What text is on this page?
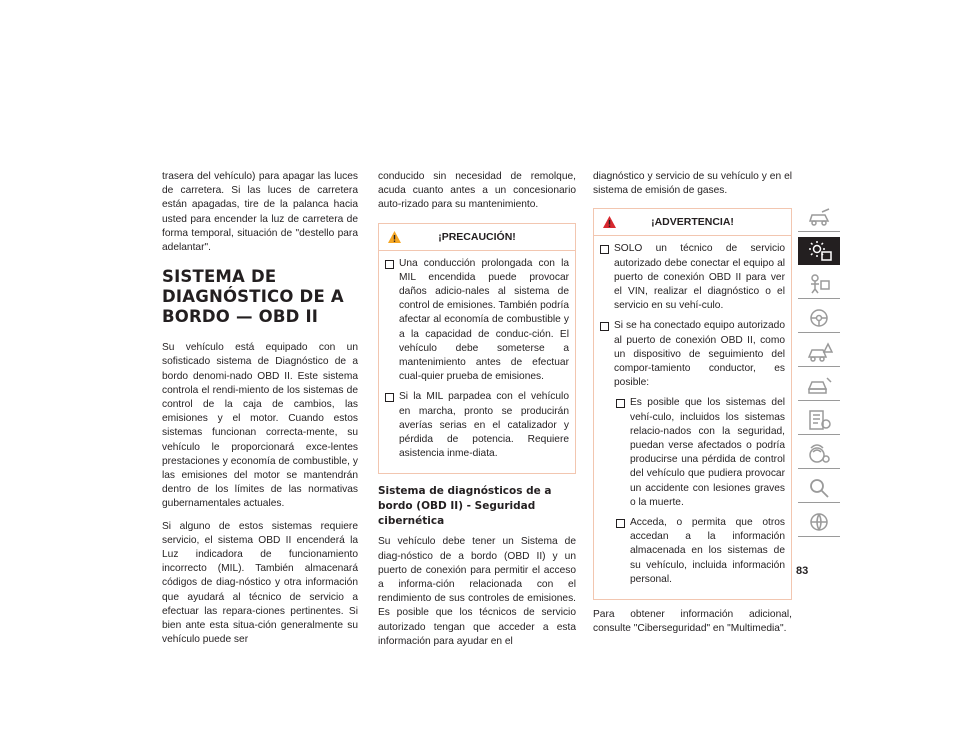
trasera del vehículo) para apagar las luces de carretera. Si las luces de carretera están apagadas, tire de la palanca hacia usted para encender la luz de carretera de forma temporal, situación de "destello para adelantar".

SISTEMA DE DIAGNÓSTICO DE A BORDO — OBD II

Su vehículo está equipado con un sofisticado sistema de Diagnóstico de a bordo denomi-nado OBD II. Este sistema controla el rendi-miento de los sistemas de control de la caja de cambios, las emisiones y el motor. Cuando estos sistemas funcionan correcta-mente, su vehículo le proporcionará exce-lentes prestaciones y economía de combustible, y las emisiones del motor se mantendrán dentro de los límites de las normativas gubernamentales actuales.

Si alguno de estos sistemas requiere servicio, el sistema OBD II encenderá la Luz indicadora de funcionamiento incorrecto (MIL). También almacenará códigos de diag-nóstico y otra información que ayudará al técnico de servicio a efectuar las repara-ciones pertinentes. Si bien ante esta situa-ción generalmente su vehículo puede ser

conducido sin necesidad de remolque, acuda cuanto antes a un concesionario auto-rizado para su mantenimiento.

¡PRECAUCIÓN!
Una conducción prolongada con la MIL encendida puede provocar daños adicio-nales al sistema de control de emisiones. También podría afectar al economía de combustible y a la capacidad de conduc-ción. El vehículo debe someterse a mantenimiento antes de efectuar cual-quier prueba de emisiones.
Si la MIL parpadea con el vehículo en marcha, pronto se producirán averías serias en el catalizador y pérdida de potencia. Requiere asistencia inme-diata.
Sistema de diagnósticos de a bordo (OBD II) - Seguridad cibernética

Su vehículo debe tener un Sistema de diag-nóstico de a bordo (OBD II) y un puerto de conexión para permitir el acceso a informa-ción relacionada con el rendimiento de sus controles de emisiones. Es posible que los técnicos de servicio autorizado tengan que acceder a esta información para ayudar en el

diagnóstico y servicio de su vehículo y en el sistema de emisión de gases.

¡ADVERTENCIA!
SOLO un técnico de servicio autorizado debe conectar el equipo al puerto de conexión OBD II para ver el VIN, realizar el diagnóstico o el servicio en su vehí-culo.
Si se ha conectado equipo autorizado al puerto de conexión OBD II, como un dispositivo de seguimiento del compor-tamiento conductor, es posible:
Es posible que los sistemas del vehí-culo, incluidos los sistemas relacio-nados con la seguridad, puedan verse afectados o podría producirse una pérdida de control del vehículo que pudiera provocar un accidente con lesiones graves o la muerte.
Acceda, o permita que otros accedan a la información almacenada en los sistemas de su vehículo, incluida información personal.

Para obtener información adicional, consulte "Ciberseguridad" en "Multimedia".

83
